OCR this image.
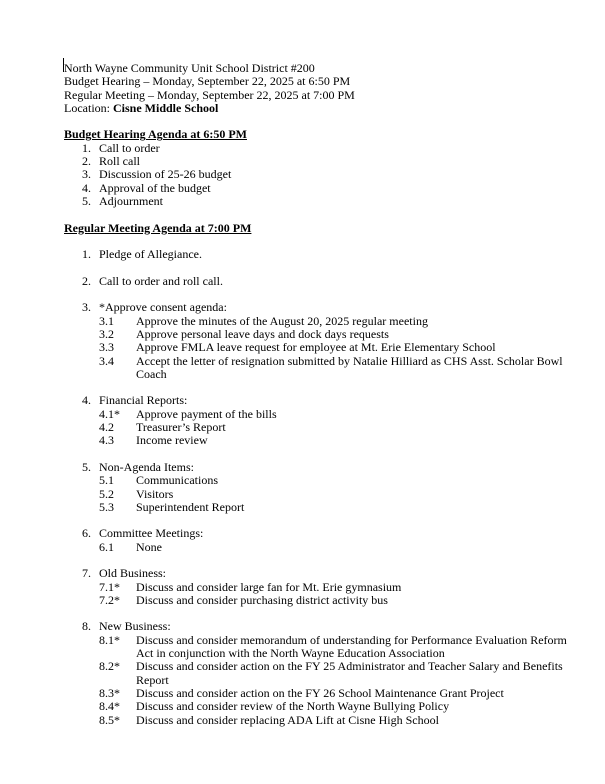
North Wayne Community Unit School District #200
Budget Hearing – Monday, September 22, 2025 at 6:50 PM
Regular Meeting – Monday, September 22, 2025 at 7:00 PM
Location: Cisne Middle School
Budget Hearing Agenda at 6:50 PM
1. Call to order
2. Roll call
3. Discussion of 25-26 budget
4. Approval of the budget
5. Adjournment
Regular Meeting Agenda at 7:00 PM
1. Pledge of Allegiance.
2. Call to order and roll call.
3. *Approve consent agenda:
3.1 Approve the minutes of the August 20, 2025 regular meeting
3.2 Approve personal leave days and dock days requests
3.3 Approve FMLA leave request for employee at Mt. Erie Elementary School
3.4 Accept the letter of resignation submitted by Natalie Hilliard as CHS Asst. Scholar Bowl Coach
4. Financial Reports:
4.1* Approve payment of the bills
4.2 Treasurer’s Report
4.3 Income review
5. Non-Agenda Items:
5.1 Communications
5.2 Visitors
5.3 Superintendent Report
6. Committee Meetings:
6.1 None
7. Old Business:
7.1* Discuss and consider large fan for Mt. Erie gymnasium
7.2* Discuss and consider purchasing district activity bus
8. New Business:
8.1* Discuss and consider memorandum of understanding for Performance Evaluation Reform Act in conjunction with the North Wayne Education Association
8.2* Discuss and consider action on the FY 25 Administrator and Teacher Salary and Benefits Report
8.3* Discuss and consider action on the FY 26 School Maintenance Grant Project
8.4* Discuss and consider review of the North Wayne Bullying Policy
8.5* Discuss and consider replacing ADA Lift at Cisne High School
